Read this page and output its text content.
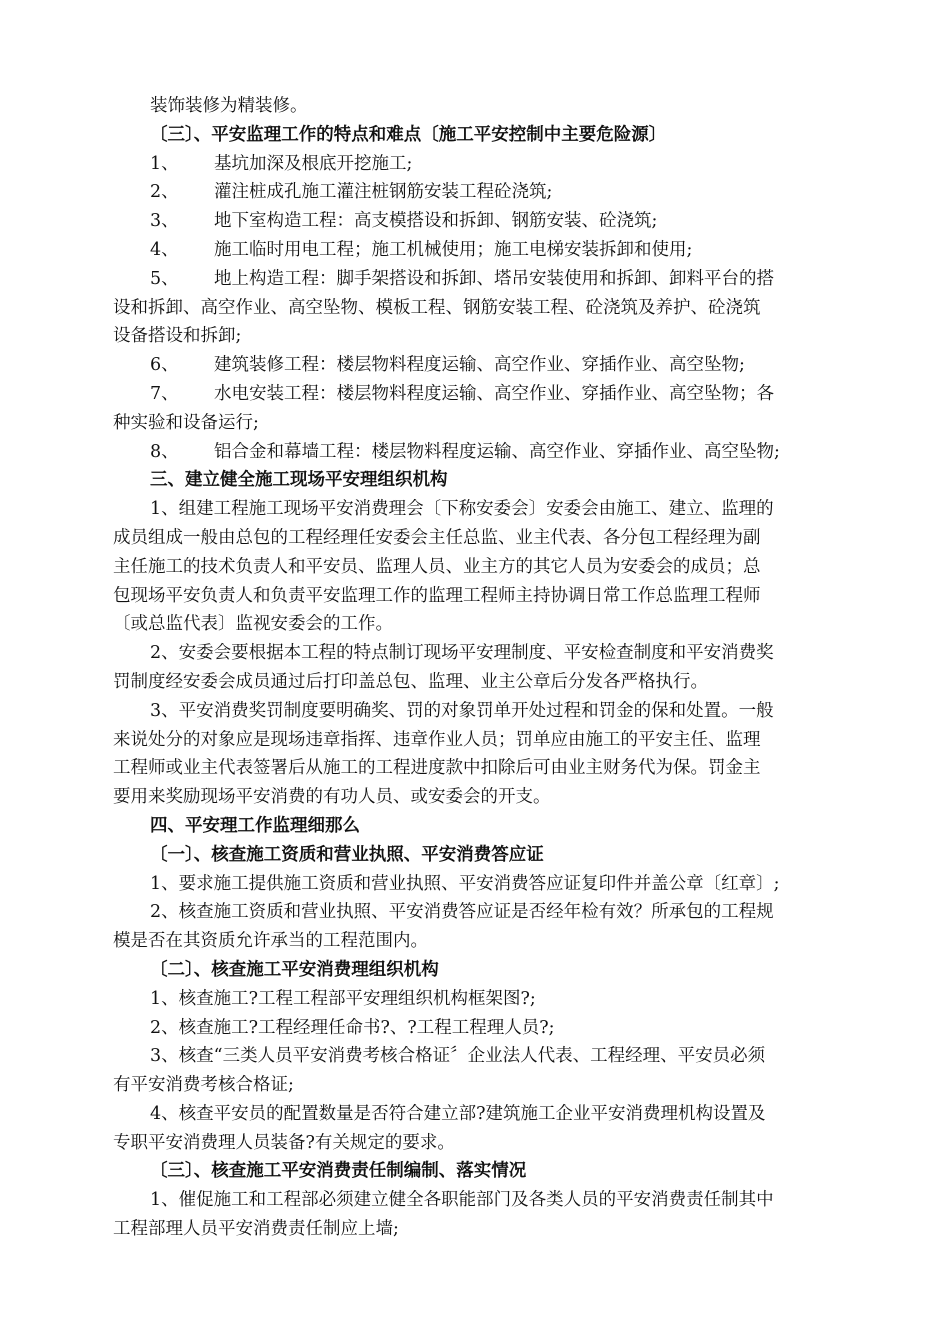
装饰装修为精装修。
〔三〕、平安监理工作的特点和难点〔施工平安控制中主要危险源〕
1、 基坑加深及根底开挖施工;
2、 灌注桩成孔施工灌注桩钢筋安装工程砼浇筑;
3、 地下室构造工程：高支模搭设和拆卸、钢筋安装、砼浇筑;
4、 施工临时用电工程；施工机械使用；施工电梯安装拆卸和使用;
5、 地上构造工程：脚手架搭设和拆卸、塔吊安装使用和拆卸、卸料平台的搭
设和拆卸、高空作业、高空坠物、模板工程、钢筋安装工程、砼浇筑及养护、砼浇筑
设备搭设和拆卸;
6、 建筑装修工程：楼层物料程度运输、高空作业、穿插作业、高空坠物;
7、 水电安装工程：楼层物料程度运输、高空作业、穿插作业、高空坠物；各
种实验和设备运行;
8、 铝合金和幕墙工程：楼层物料程度运输、高空作业、穿插作业、高空坠物;
三、建立健全施工现场平安理组织机构
1、组建工程施工现场平安消费理会〔下称安委会〕安委会由施工、建立、监理的
成员组成一般由总包的工程经理任安委会主任总监、业主代表、各分包工程经理为副
主任施工的技术负责人和平安员、监理人员、业主方的其它人员为安委会的成员；总
包现场平安负责人和负责平安监理工作的监理工程师主持协调日常工作总监理工程师
〔或总监代表〕监视安委会的工作。
2、安委会要根据本工程的特点制订现场平安理制度、平安检查制度和平安消费奖
罚制度经安委会成员通过后打印盖总包、监理、业主公章后分发各严格执行。
3、平安消费奖罚制度要明确奖、罚的对象罚单开处过程和罚金的保和处置。一般
来说处分的对象应是现场违章指挥、违章作业人员；罚单应由施工的平安主任、监理
工程师或业主代表签署后从施工的工程进度款中扣除后可由业主财务代为保。罚金主
要用来奖励现场平安消费的有功人员、或安委会的开支。
四、平安理工作监理细那么
〔一〕、核查施工资质和营业执照、平安消费答应证
1、要求施工提供施工资质和营业执照、平安消费答应证复印件并盖公章〔红章〕;
2、核查施工资质和营业执照、平安消费答应证是否经年检有效？所承包的工程规
模是否在其资质允许承当的工程范围内。
〔二〕、核查施工平安消费理组织机构
1、核查施工?工程工程部平安理组织机构框架图?;
2、核查施工?工程经理任命书?、?工程工程理人员?;
3、核查“三类人员平安消费考核合格证〞企业法人代表、工程经理、平安员必须
有平安消费考核合格证;
4、核查平安员的配置数量是否符合建立部?建筑施工企业平安消费理机构设置及
专职平安消费理人员装备?有关规定的要求。
〔三〕、核查施工平安消费责任制编制、落实情况
1、催促施工和工程部必须建立健全各职能部门及各类人员的平安消费责任制其中
工程部理人员平安消费责任制应上墙;
